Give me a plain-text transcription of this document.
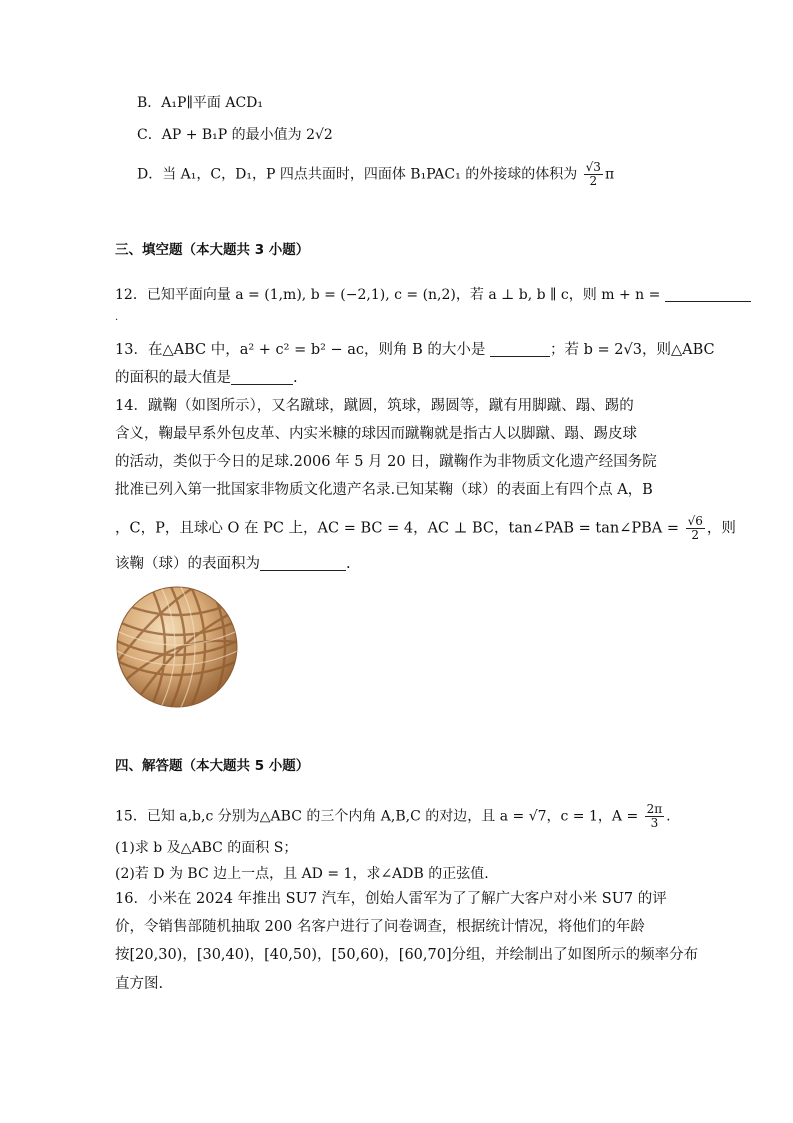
B．A₁P∥平面 ACD₁
C．AP + B₁P 的最小值为 2√2
D．当 A₁，C，D₁，P 四点共面时，四面体 B₁PAC₁ 的外接球的体积为 $\frac{√3}{2}$ π
三、填空题（本大题共 3 小题）
12．已知平面向量 a = (1,m), b = (−2,1), c = (n,2)，若 a ⊥ b, b ∥ c，则 m + n =
.
13．在△ABC 中，a² + c² = b² − ac，则角 B 的大小是	；若 b = 2√3，则△ABC
的面积的最大值是	.
14．蹴鞠（如图所示），又名蹴球，蹴圆，筑球，踢圆等，蹴有用脚蹴、蹋、踢的
含义，鞠最早系外包皮革、内实米糠的球因而蹴鞠就是指古人以脚蹴、蹋、踢皮球
的活动，类似于今日的足球.2006 年 5 月 20 日，蹴鞠作为非物质文化遗产经国务院
批准已列入第一批国家非物质文化遗产名录.已知某鞠（球）的表面上有四个点 A，B
，C，P，且球心 O 在 PC 上，AC = BC = 4，AC ⊥ BC，tan∠PAB = tan∠PBA = $\frac{√6}{2}$ ，则
该鞠（球）的表面积为	.
四、解答题（本大题共 5 小题）
15．已知 a,b,c 分别为△ABC 的三个内角 A,B,C 的对边，且 a = √7，c = 1，$A = \frac{2\pi}{3}$ .
(1)求 b 及△ABC 的面积 S；
(2)若 D 为 BC 边上一点，且 AD = 1，求∠ADB 的正弦值.
16．小米在 2024 年推出 SU7 汽车，创始人雷军为了了解广大客户对小米 SU7 的评
价，令销售部随机抽取 200 名客户进行了问卷调查，根据统计情况，将他们的年龄
按[20,30)，[30,40)，[40,50)，[50,60)，[60,70]分组，并绘制出了如图所示的频率分布
直方图.
